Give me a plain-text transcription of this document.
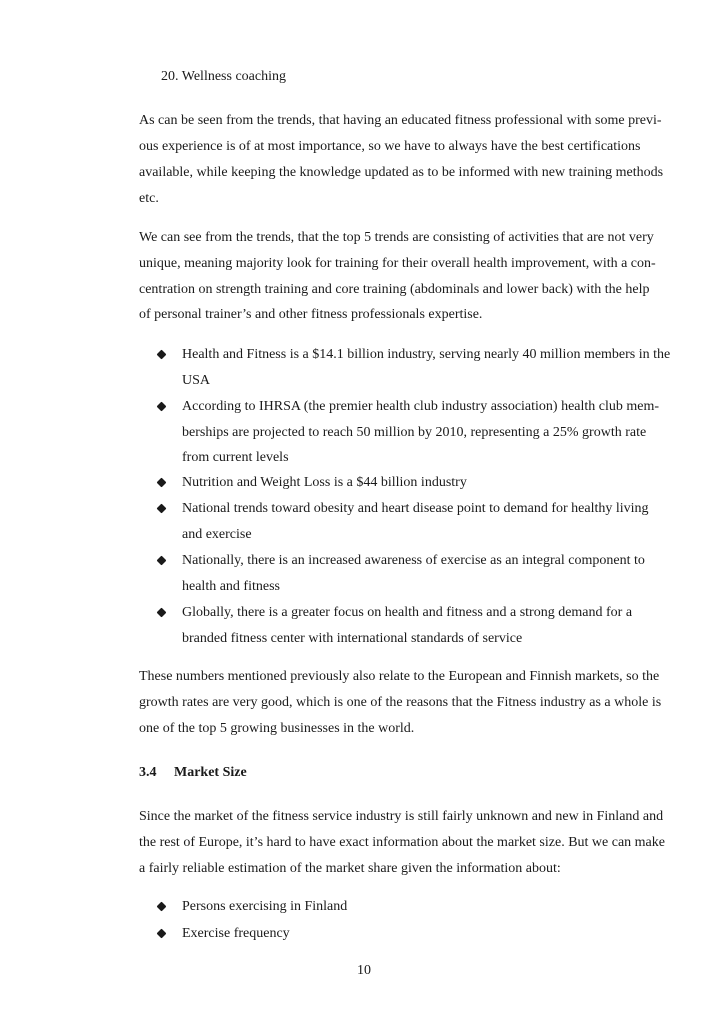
20. Wellness coaching
As can be seen from the trends, that having an educated fitness professional with some previ-
ous experience is of at most importance, so we have to always have the best certifications
available, while keeping the knowledge updated as to be informed with new training methods
etc.
We can see from the trends, that the top 5 trends are consisting of activities that are not very
unique, meaning majority look for training for their overall health improvement, with a con-
centration on strength training and core training (abdominals and lower back) with the help
of personal trainer’s and other fitness professionals expertise.
Health and Fitness is a $14.1 billion industry, serving nearly 40 million members in the
USA
According to IHRSA (the premier health club industry association) health club mem-
berships are projected to reach 50 million by 2010, representing a 25% growth rate
from current levels
Nutrition and Weight Loss is a $44 billion industry
National trends toward obesity and heart disease point to demand for healthy living
and exercise
Nationally, there is an increased awareness of exercise as an integral component to
health and fitness
Globally, there is a greater focus on health and fitness and a strong demand for a
branded fitness center with international standards of service
These numbers mentioned previously also relate to the European and Finnish markets, so the
growth rates are very good, which is one of the reasons that the Fitness industry as a whole is
one of the top 5 growing businesses in the world.
3.4 Market Size
Since the market of the fitness service industry is still fairly unknown and new in Finland and
the rest of Europe, it’s hard to have exact information about the market size. But we can make
a fairly reliable estimation of the market share given the information about:
Persons exercising in Finland
Exercise frequency
10
